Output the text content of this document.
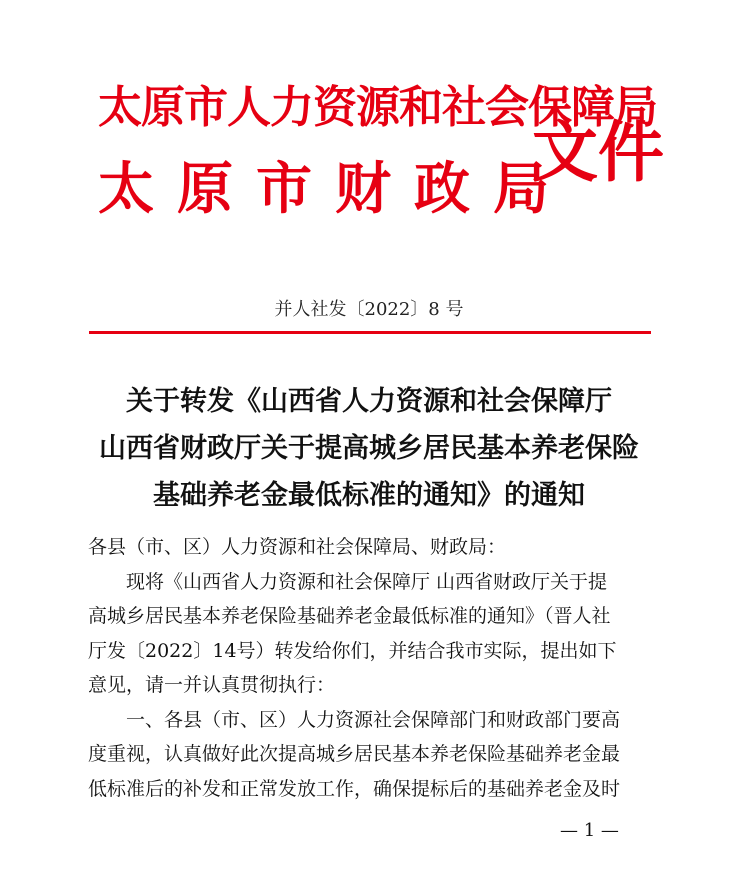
太原市人力资源和社会保障局
太原市财政局
文件
并人社发〔2022〕8 号
关于转发《山西省人力资源和社会保障厅
山西省财政厅关于提高城乡居民基本养老保险
基础养老金最低标准的通知》的通知

各县（市、区）人力资源和社会保障局、财政局：

现将《山西省人力资源和社会保障厅 山西省财政厅关于提

高城乡居民基本养老保险基础养老金最低标准的通知》（晋人社

厅发〔2022〕14号）转发给你们，并结合我市实际，提出如下

意见，请一并认真贯彻执行：

一、各县（市、区）人力资源社会保障部门和财政部门要高

度重视，认真做好此次提高城乡居民基本养老保险基础养老金最

低标准后的补发和正常发放工作，确保提标后的基础养老金及时

— 1 —
